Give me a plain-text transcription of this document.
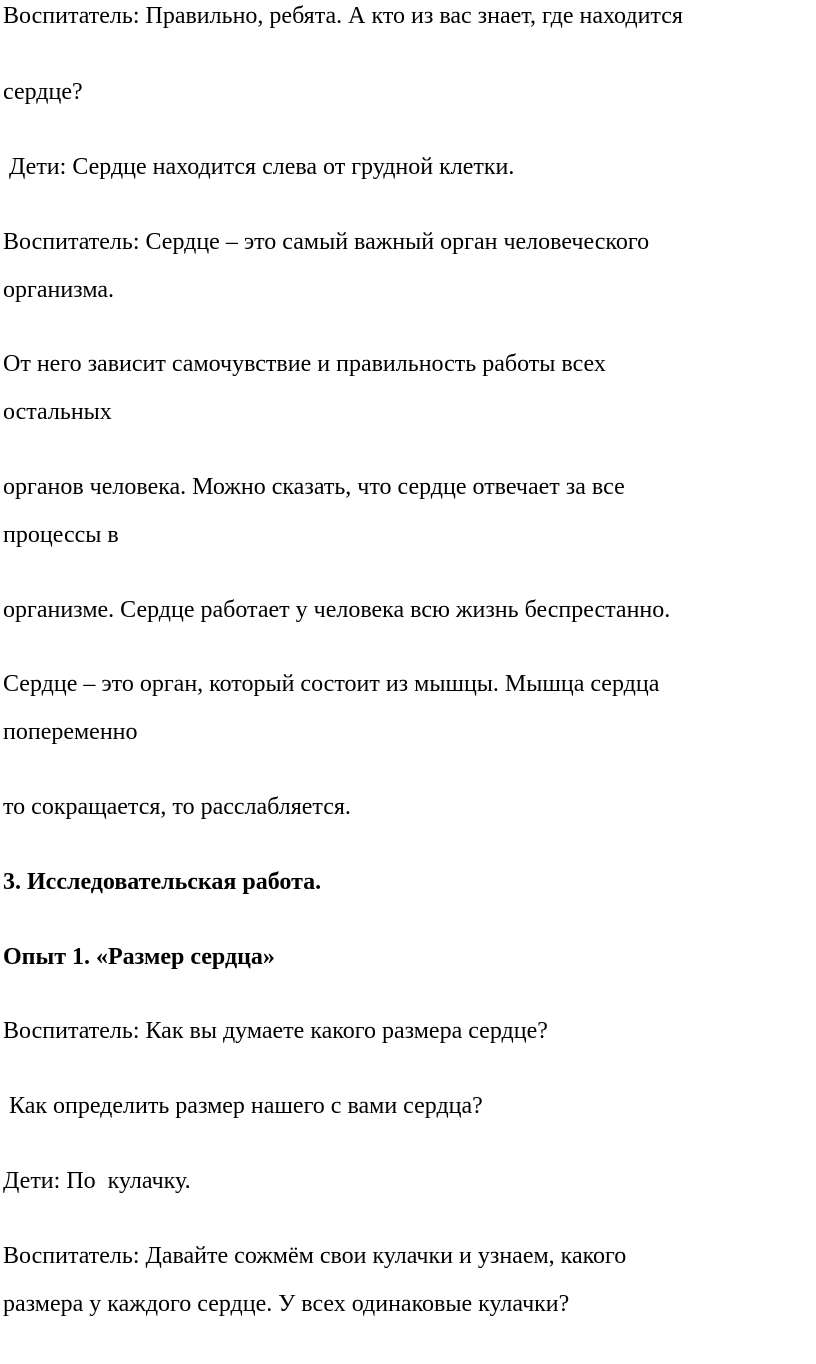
Воспитатель: Правильно, ребята. А кто из вас знает, где находится

сердце?

Дети: Сердце находится слева от грудной клетки.

Воспитатель: Сердце – это самый важный орган человеческого

организма.

От него зависит самочувствие и правильность работы всех

остальных

органов человека. Можно сказать, что сердце отвечает за все

процессы в

организме. Сердце работает у человека всю жизнь беспрестанно.

Сердце – это орган, который состоит из мышцы. Мышца сердца

попеременно

то сокращается, то расслабляется.

3. Исследовательская работа.

Опыт 1. «Размер сердца»

Воспитатель: Как вы думаете какого размера сердце?

Как определить размер нашего с вами сердца?

Дети: По  кулачку.

Воспитатель: Давайте сожмём свои кулачки и узнаем, какого

размера у каждого сердце. У всех одинаковые кулачки?
